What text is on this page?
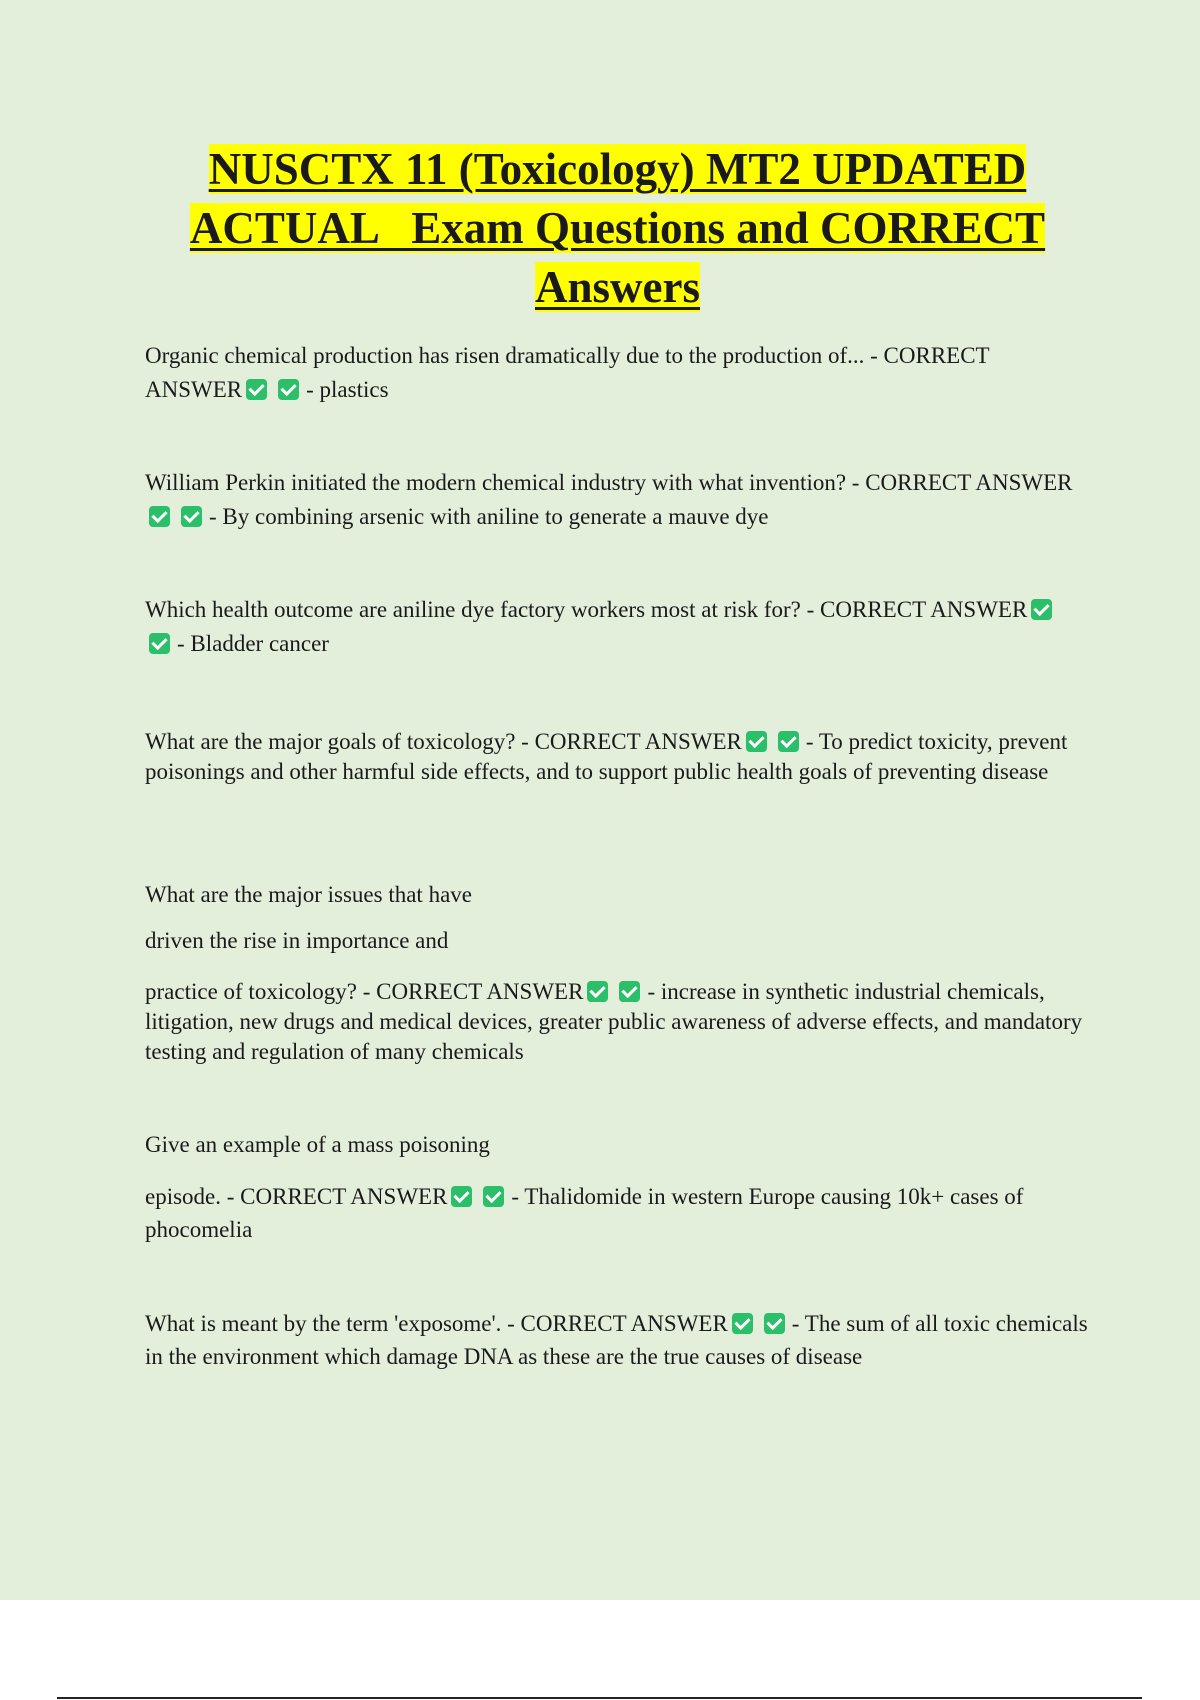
NUSCTX 11 (Toxicology) MT2 UPDATED
ACTUAL   Exam Questions and CORRECT
Answers

Organic chemical production has risen dramatically due to the production of... - CORRECT ANSWER	- plastics

William Perkin initiated the modern chemical industry with what invention? - CORRECT ANSWER- By combining arsenic with aniline to generate a mauve dye

Which health outcome are aniline dye factory workers most at risk for? - CORRECT ANSWER- Bladder cancer

What are the major goals of toxicology? - CORRECT ANSWER	- To predict toxicity, prevent poisonings and other harmful side effects, and to support public health goals of preventing disease

What are the major issues that have

driven the rise in importance and

practice of toxicology? - CORRECT ANSWER	- increase in synthetic industrial chemicals, litigation, new drugs and medical devices, greater public awareness of adverse effects, and mandatory testing and regulation of many chemicals

Give an example of a mass poisoning

episode. - CORRECT ANSWER	- Thalidomide in western Europe causing 10k+ cases of phocomelia

What is meant by the term 'exposome'. - CORRECT ANSWER	- The sum of all toxic chemicals in the environment which damage DNA as these are the true causes of disease
